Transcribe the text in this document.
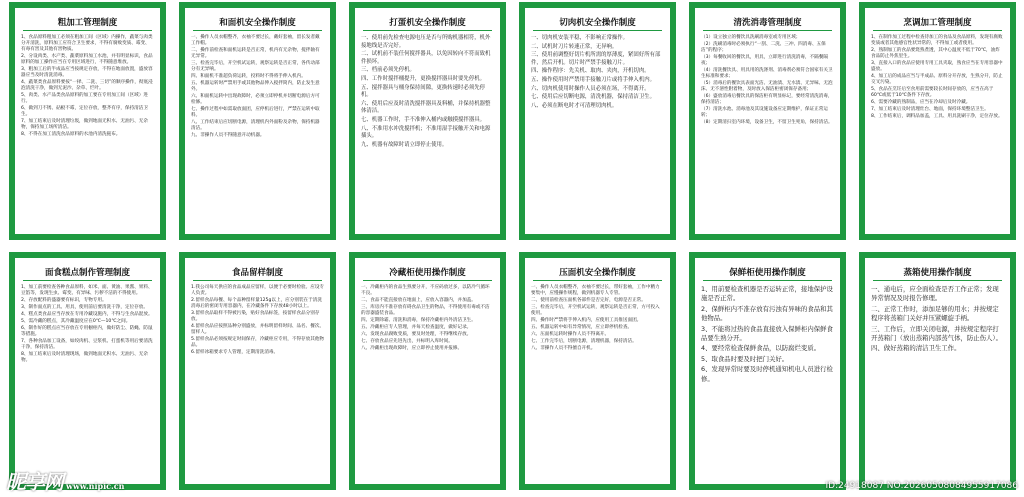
粗加工管理制度

1、食品原料粗加工必须在粗加工间（区域）内操作，蔬菜与肉类分开清洗，原料加工应符合卫生要求，不得有腐败变质、霉变、有毒有害及其他有害物质。

2、分设肉类、水产类、蔬菜原料加工水池，并有明显标识，食品原料的加工操作应当在专用区域进行，不得随意堆放。

3、粗加工后的半成品应当按规定存放，不得在地面放置，盛放容器应当及时清洗消毒。

4、蔬菜类食品原料要按“一择、二洗、三切”的顺序操作，彻底浸泡清洗干净，做到无泥沙、杂草、烂叶。

5、肉类、水产品类食品原料的加工要在专用加工间（区域）进行。

6、做到刀不锈、砧板不霉，定位存放，整齐有序，保持清洁卫生。

7、加工结束后及时清理垃圾，做到地面无积水、无油污、无杂物，保持加工场所清洁。

8、不得在加工清洗食品原料的水池内清洗拖布。

和面机安全操作制度

一、操作人员衣帽整齐，衣袖不要过长，戴好套袖，留长发者戴工作帽。

二、操作前检查和面机运转是否正常，机内有无杂物，搅拌轴有无异常。

三、检查完毕后，开空机试运转，观察运转是否正常，各传动部分有无异响。

四、和面机不准超负荷运转，投料时不得将手伸入机内。

五、机器运转时严禁用手或其他物品伸入搅拌筒内，防止发生意外。

六、和面机运转中出现故障时，必须立即停机并切断电源后方可检修。

七、操作过程中如需取放面团，应停机后进行，严禁在运转中取料。

八、工作结束后应切断电源，清理机内外面粉及杂物，保持机器清洁。

九、非操作人员不得随意开动机器。

打蛋机安全操作制度

一、使用前先检查电源电压是否与所购机器相符，机外接地线是否完好。

二、试机前不装任何搅拌器具，以免因转向不符而致机件损坏。

三、档前必须先停机。

四、工作时搅拌桶提升，更换搅拌器具时要先停机。

五、搅拌器具与桶身保持间隙，更换转速时必须先停机。

六、使用后应及时清洗搅拌器具及料桶，并保持机器整体清洁。

七、机器工作时，手不准伸入桶内或触摸搅拌器具。

八、不准用水冲洗搅拌机；不准用湿手接触开关和电源插头。

九、机器有故障时请立即停止使用。

切肉机安全操作制度

一、切肉机安装平稳，不影响正常操作。

二、试机时刀片转速正常，无异响。

三、使用前调整好切片机所需的厚薄度，紧固好所有部件，然后开机。切片时严禁手接触刀片。

四、操作程序：先关机、取肉、夹肉，开机切肉。

五、操作使用时严禁用手接触刀片或将手伸入机内。

六、切肉机使用时操作人员必须在场，不得离开。

七、使用后应切断电源，清洗机器，保持清洁卫生。

八、必须在断电时才可清理切肉机。

清洗消毒管理制度

（1）设立独立的餐饮具洗刷消毒室或专用区域；

（2）洗刷消毒时必须执行“一刮、二洗、三冲、四消毒、五保洁”的程序；

（3）每餐收回的餐饮具，用具，立即进行清洗消毒，不隔餐隔夜；

（4）清洗餐饮具、用具用的洗涤剂、消毒剂必须符合国家有关卫生标准和要求；

（5）消毒后的餐饮具表面光洁、无油渍、无水渍、无异味、无泡沫、无不溶性附着物，及时放入保洁柜密闭保存备用；

（6）盛放消毒后餐饮具的保洁柜有明显标记，要经常清洗消毒，保持清洁；

（7）清洗水池、消毒池及其设施设备应定期维护，保证正常运转；

（8）定期清扫室内环境，设备卫生，不留卫生死角，保持清洁。

烹调加工管理制度

1、在制作加工过程中检查待加工的食品及食品原料，发现有腐败变质或者其他感官性状异常的，不得加工或者使用。

2、熟制加工的食品要烧熟煮透，其中心温度不低于70℃，油炸食品防止外焦里生。

3、直接入口的食品应使用专用工具夹取，熟食应当在专用容器中盛放。

4、加工后的成品应当与半成品、原料分开存放，生熟分开，防止交叉污染。

5、食品在烹饪后至食用前需要较长时间存放的，应当在高于60℃或低于10℃条件下存放。

6、需要冷藏的熟制品，应当在冷却后及时冷藏。

7、加工结束后及时清理灶台、地面，保持环境整洁卫生。

8、工作结束后，调料品加盖，工具、用具洗刷干净，定位存放。

面食糕点制作管理制度

1、加工前要检查各种食品原料，如米、面、黄油、果酱、果料、豆馅等，发现生虫、霉变、有异味、污秽不洁的不得使用。

2、存放配料的盛器要有标识，专物专用。

3、制作面点的工具、用具，使用前后要清洗干净，定位存放。

4、糕点类食品应当存放在专用冷藏设施内，不得与生食品混放。

5、需冷藏的糕点，其冷藏温度应在0℃—10℃之间。

6、制作好的糕点应当存放在专用橱柜内，做好防尘、防蝇、防鼠等措施。

7、各种食品加工设备，如绞肉机、豆浆机、打蛋机等用后要清洗干净，保持清洁。

8、加工结束后及时清理现场，做到地面无积水、无油污、无杂物。

食品留样制度

1.我公司每天供应的食品成品应留样，以便于必要时检验。应设专人负责。

2.留样食品每餐、每个品种留样量125g以上，应分别装在于清洗消毒后的密闭专用容器内，在冷藏条件下存放48小时以上。

3.留样食品取样不得被污染，贴好食品标签，按留样食品分别存放。

4.留样食品应按照品种分别盛放，并标明留样时间、品名、餐次、留样人。

5.留样食品必须按规定时间保存，冷藏柜应专用，不得存放其他物品。

6.留样冰箱要求专人管理，定期清洗消毒。

冷藏柜使用操作制度

一、冷藏柜内的食品生熟要分开，不应码放过多，以防冷气循环不良。

二、食品不能直接放在地面上，应放入容器内，并加盖。

三、库房内不准存放有碍食品卫生的物品，不得使用有毒或不洁的容器盛装食品。

四、定期除霜、清洗和消毒，保持冷藏柜内外清洁卫生。

五、冷藏柜应专人管理，并每天检查温度，做好记录。

六、发现食品腐败变质，要及时处理，不得继续存放。

七、存放食品应先进先出，并标明入库时间。

八、冷藏柜出现故障时，应立即停止使用并报修。

压面机安全操作制度

一、操作人员衣帽整齐，衣袖不要过长，带好套袖，工作中精力要集中，应慢操作规程，做到机器专人专管。

二、使用前检查压面机各部件是否完好，电源是否正常。

三、检查完毕后，开空机试运转，观察运转是否正常，方可投入使用。

四、操作时严禁将手伸入机内，应使用工具推送面团。

五、机器运转中如有异常情况，应立即停机检查。

六、压面机运转时操作人员不得离开。

七、工作完毕后，切断电源，清理机器，保持清洁。

八、非操作人员不得擅自开机。

保鲜柜使用操作制度

1、用前要检查机器是否运转正常，接地保护设施是否正常。

2、保鲜柜内不准存放有污浊有异味的食品和其他物品。

3、不能将过热的食品直接放入保鲜柜内保鲜食品要生熟分开。

4、要经常检查保鲜食品，以防腐烂变质。

5、取食品时要及时把门关好。

6、发现异常时要及时停机通知机电人员进行检修。

蒸箱使用操作制度

一、通电后，应全面检查是否工作正常；发现异常情况及时报告修理。

二、正常工作时，添加足够的用水；并按规定程序将蒸箱门关好并压紧螺旋手柄。

三、工作后，立即关闭电源，并按规定程序打开蒸箱门（放出蒸箱内部蒸气体，防止伤人）。

四、做好蒸箱的清洁卫生工作。

昵享网 www.nipic.cn	ID:24918087 NO:20260508084955917086
